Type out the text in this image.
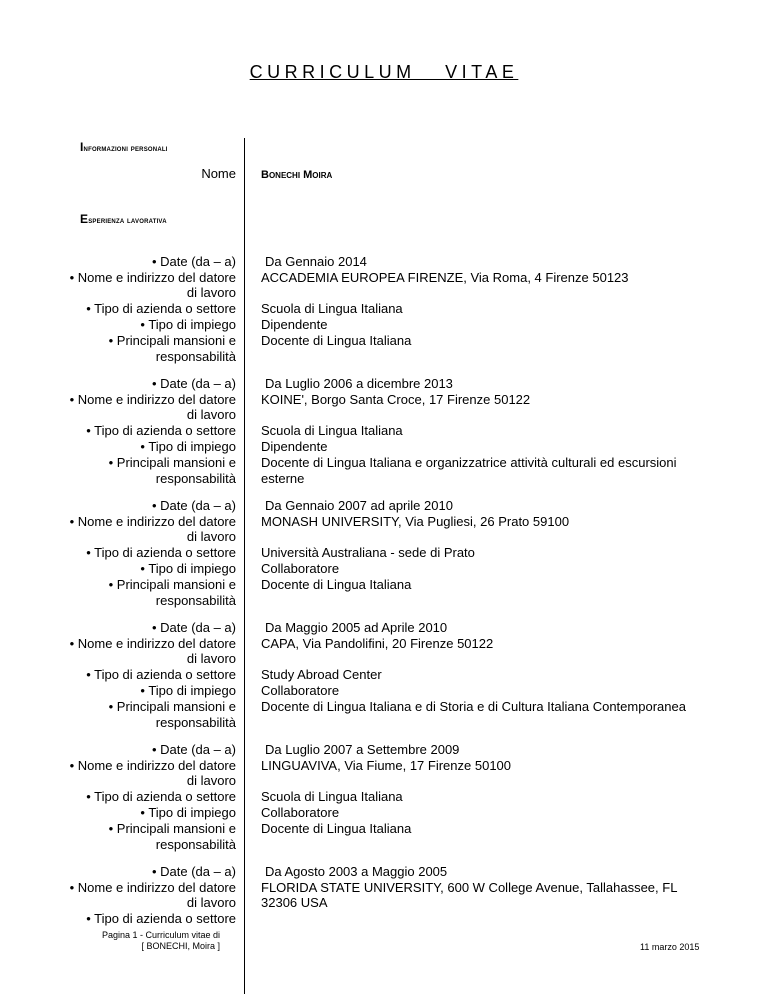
CURRICULUM VITAE
Informazioni personali
Nome Bonechi Moira
Esperienza lavorativa
• Date (da – a)
• Nome e indirizzo del datore
di lavoro
• Tipo di azienda o settore
• Tipo di impiego
• Principali mansioni e
responsabilità
Da Gennaio 2014
ACCADEMIA EUROPEA FIRENZE, Via Roma, 4 Firenze 50123
Scuola di Lingua Italiana
Dipendente
Docente di Lingua Italiana
• Date (da – a)
• Nome e indirizzo del datore
di lavoro
• Tipo di azienda o settore
• Tipo di impiego
• Principali mansioni e
responsabilità
Da Luglio 2006 a dicembre 2013
KOINE', Borgo Santa Croce, 17 Firenze 50122
Scuola di Lingua Italiana
Dipendente
Docente di Lingua Italiana e organizzatrice attività culturali ed escursioni esterne
• Date (da – a)
• Nome e indirizzo del datore
di lavoro
• Tipo di azienda o settore
• Tipo di impiego
• Principali mansioni e
responsabilità
Da Gennaio 2007 ad aprile 2010
MONASH UNIVERSITY, Via Pugliesi, 26 Prato 59100
Università Australiana - sede di Prato
Collaboratore
Docente di Lingua Italiana
• Date (da – a)
• Nome e indirizzo del datore
di lavoro
• Tipo di azienda o settore
• Tipo di impiego
• Principali mansioni e
responsabilità
Da Maggio 2005 ad Aprile 2010
CAPA, Via Pandolifini, 20 Firenze 50122
Study Abroad Center
Collaboratore
Docente di Lingua Italiana e di Storia e di Cultura Italiana Contemporanea
• Date (da – a)
• Nome e indirizzo del datore
di lavoro
• Tipo di azienda o settore
• Tipo di impiego
• Principali mansioni e
responsabilità
Da Luglio 2007 a Settembre 2009
LINGUAVIVA, Via Fiume, 17 Firenze 50100
Scuola di Lingua Italiana
Collaboratore
Docente di Lingua Italiana
• Date (da – a)
• Nome e indirizzo del datore
di lavoro
• Tipo di azienda o settore
Da Agosto 2003 a Maggio 2005
FLORIDA STATE UNIVERSITY, 600 W College Avenue, Tallahassee, FL 32306 USA
Pagina 1 - Curriculum vitae di
[ BONECHI, Moira ]	11 marzo 2015
